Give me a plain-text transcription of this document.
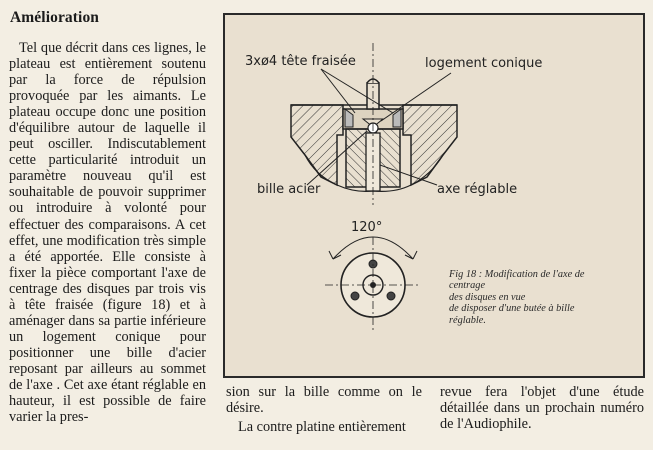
Amélioration

Tel que décrit dans ces lignes, le plateau est entièrement soutenu par la force de répulsion provoquée par les aimants. Le plateau occupe donc une position d'équilibre autour de laquelle il peut osciller. Indiscutablement cette particularité introduit un paramètre nouveau qu'il est souhaitable de pouvoir supprimer ou introduire à volonté pour effectuer des comparaisons. A cet effet, une modification très simple a été apportée. Elle consiste à fixer la pièce comportant l'axe de centrage des disques par trois vis à tête fraisée (figure 18) et à aménager dans sa partie inférieure un logement conique pour positionner une bille d'acier reposant par ailleurs au sommet de l'axe . Cet axe étant réglable en hauteur, il est possible de faire varier la pres-

3xø4 tête fraisée	logement conique
bille acier	axe réglable
120°
Fig 18 : Modification de l'axe de
centrage
des disques en vue
de disposer d'une butée à bille
réglable.
sion sur la bille comme on le désire.
La contre platine entièrement

revue fera l'objet d'une étude détaillée dans un prochain numéro de l'Audiophile.
